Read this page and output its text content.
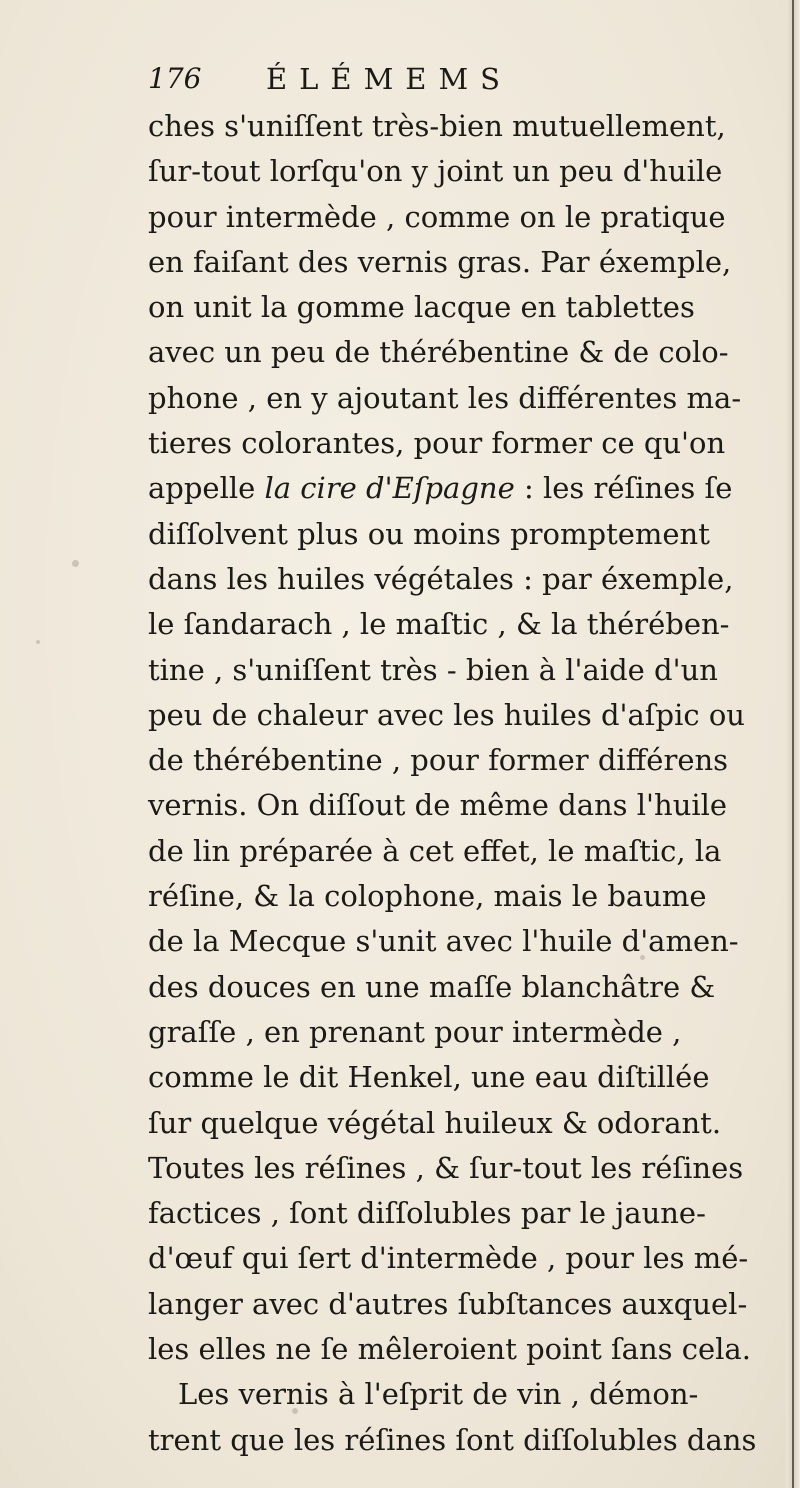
176 ÉLÉMEMS
ches s'uniſſent très-bien mutuellement,
ſur-tout lorſqu'on y joint un peu d'huile
pour intermède , comme on le pratique
en faiſant des vernis gras. Par éxemple,
on unit la gomme lacque en tablettes
avec un peu de thérébentine & de colo-
phone , en y ajoutant les différentes ma-
tieres colorantes, pour former ce qu'on
appelle la cire d'Eſpagne : les réſines ſe
diſſolvent plus ou moins promptement
dans les huiles végétales : par éxemple,
le ſandarach , le maſtic , & la thérében-
tine , s'uniſſent très - bien à l'aide d'un
peu de chaleur avec les huiles d'aſpic ou
de thérébentine , pour former différens
vernis. On diſſout de même dans l'huile
de lin préparée à cet effet, le maſtic, la
réſine, & la colophone, mais le baume
de la Mecque s'unit avec l'huile d'amen-
des douces en une maſſe blanchâtre &
graſſe , en prenant pour intermède ,
comme le dit Henkel, une eau diſtillée
ſur quelque végétal huileux & odorant.
Toutes les réſines , & ſur-tout les réſines
factices , ſont diſſolubles par le jaune-
d'œuf qui ſert d'intermède , pour les mé-
langer avec d'autres ſubſtances auxquel-
les elles ne ſe mêleroient point ſans cela.
Les vernis à l'eſprit de vin , démon-
trent que les réſines ſont diſſolubles dans
